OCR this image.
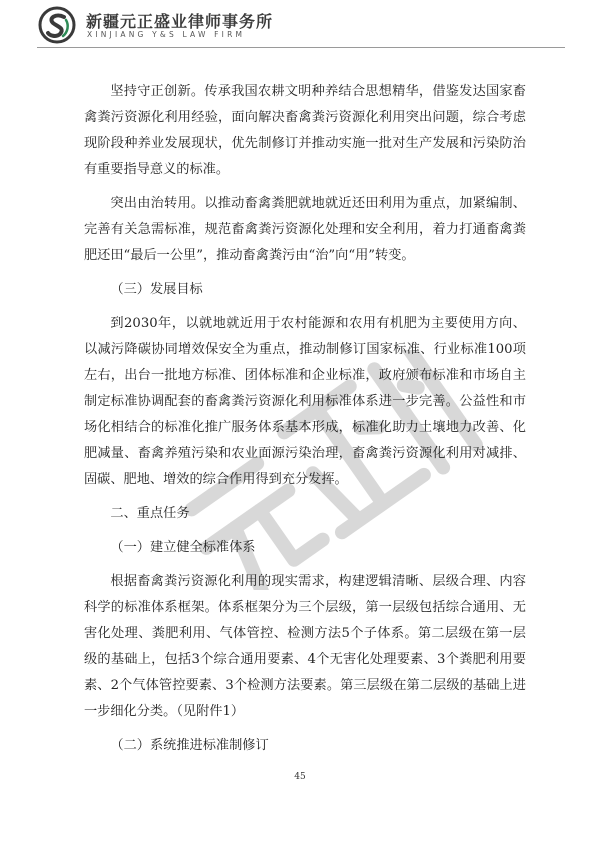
新疆元正盛业律师事务所
XINJIANG Y&S LAW FIRM

坚持守正创新。传承我国农耕文明种养结合思想精华，借鉴发达国家畜禽粪污资源化利用经验，面向解决畜禽粪污资源化利用突出问题，综合考虑现阶段种养业发展现状，优先制修订并推动实施一批对生产发展和污染防治有重要指导意义的标准。

突出由治转用。以推动畜禽粪肥就地就近还田利用为重点，加紧编制、完善有关急需标准，规范畜禽粪污资源化处理和安全利用，着力打通畜禽粪肥还田“最后一公里”，推动畜禽粪污由“治”向“用”转变。

（三）发展目标

到2030年，以就地就近用于农村能源和农用有机肥为主要使用方向、以减污降碳协同增效保安全为重点，推动制修订国家标准、行业标准100项左右，出台一批地方标准、团体标准和企业标准，政府颁布标准和市场自主制定标准协调配套的畜禽粪污资源化利用标准体系进一步完善。公益性和市场化相结合的标准化推广服务体系基本形成，标准化助力土壤地力改善、化肥减量、畜禽养殖污染和农业面源污染治理，畜禽粪污资源化利用对减排、固碳、肥地、增效的综合作用得到充分发挥。

二、重点任务

（一）建立健全标准体系

根据畜禽粪污资源化利用的现实需求，构建逻辑清晰、层级合理、内容科学的标准体系框架。体系框架分为三个层级，第一层级包括综合通用、无害化处理、粪肥利用、气体管控、检测方法5个子体系。第二层级在第一层级的基础上，包括3个综合通用要素、4个无害化处理要素、3个粪肥利用要素、2个气体管控要素、3个检测方法要素。第三层级在第二层级的基础上进一步细化分类。（见附件1）

（二）系统推进标准制修订

45
